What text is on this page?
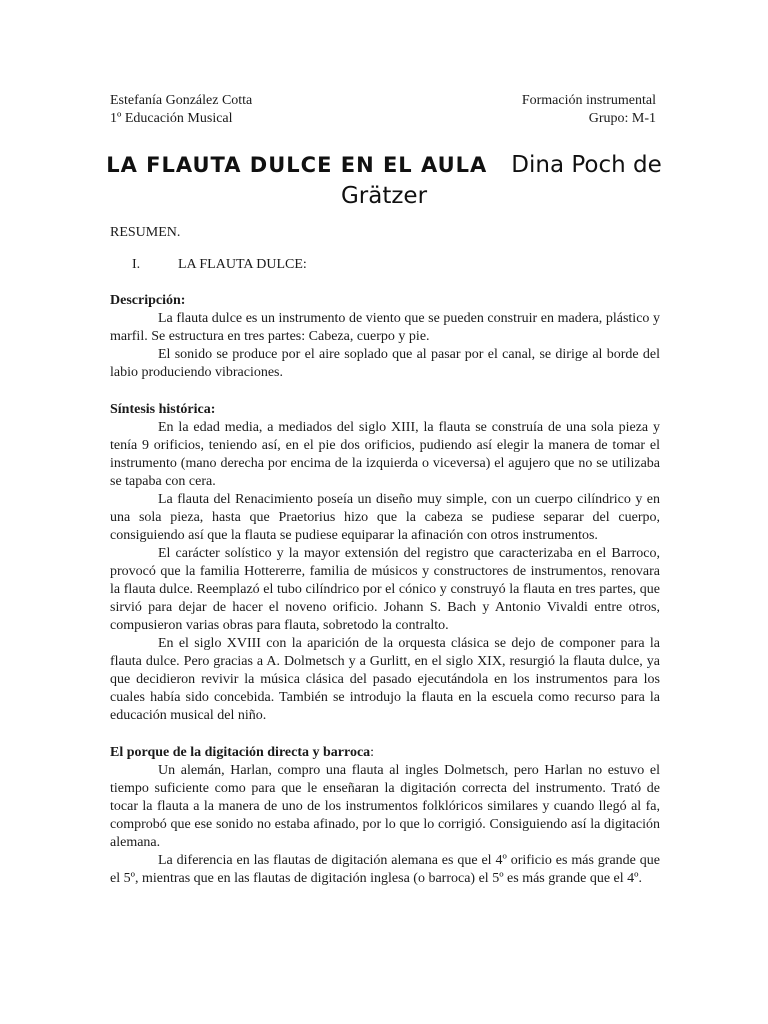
Estefanía González Cotta
1º Educación Musical
Formación instrumental
Grupo: M-1
LA FLAUTA DULCE EN EL AULA Dina Poch de Grätzer
RESUMEN.
I.	LA FLAUTA DULCE:
Descripción:

La flauta dulce es un instrumento de viento que se pueden construir en madera, plástico y marfil. Se estructura en tres partes: Cabeza, cuerpo y pie.

El sonido se produce por el aire soplado que al pasar por el canal, se dirige al borde del labio produciendo vibraciones.

Síntesis histórica:

En la edad media, a mediados del siglo XIII, la flauta se construía de una sola pieza y tenía 9 orificios, teniendo así, en el pie dos orificios, pudiendo así elegir la manera de tomar el instrumento (mano derecha por encima de la izquierda o viceversa) el agujero que no se utilizaba se tapaba con cera.

La flauta del Renacimiento poseía un diseño muy simple, con un cuerpo cilíndrico y en una sola pieza, hasta que Praetorius hizo que la cabeza se pudiese separar del cuerpo, consiguiendo así que la flauta se pudiese equiparar la afinación con otros instrumentos.

El carácter solístico y la mayor extensión del registro que caracterizaba en el Barroco, provocó que la familia Hottererre, familia de músicos y constructores de instrumentos, renovara la flauta dulce. Reemplazó el tubo cilíndrico por el cónico y construyó la flauta en tres partes, que sirvió para dejar de hacer el noveno orificio. Johann S. Bach y Antonio Vivaldi entre otros, compusieron varias obras para flauta, sobretodo la contralto.

En el siglo XVIII con la aparición de la orquesta clásica se dejo de componer para la flauta dulce. Pero gracias a A. Dolmetsch y a Gurlitt, en el siglo XIX, resurgió la flauta dulce, ya que decidieron revivir la música clásica del pasado ejecutándola en los instrumentos para los cuales había sido concebida. También se introdujo la flauta en la escuela como recurso para la educación musical del niño.

El porque de la digitación directa y barroca:

Un alemán, Harlan, compro una flauta al ingles Dolmetsch, pero Harlan no estuvo el tiempo suficiente como para que le enseñaran la digitación correcta del instrumento. Trató de tocar la flauta a la manera de uno de los instrumentos folklóricos similares y cuando llegó al fa, comprobó que ese sonido no estaba afinado, por lo que lo corrigió. Consiguiendo así la digitación alemana.

La diferencia en las flautas de digitación alemana es que el 4º orificio es más grande que el 5º, mientras que en las flautas de digitación inglesa (o barroca) el 5º es más grande que el 4º.
